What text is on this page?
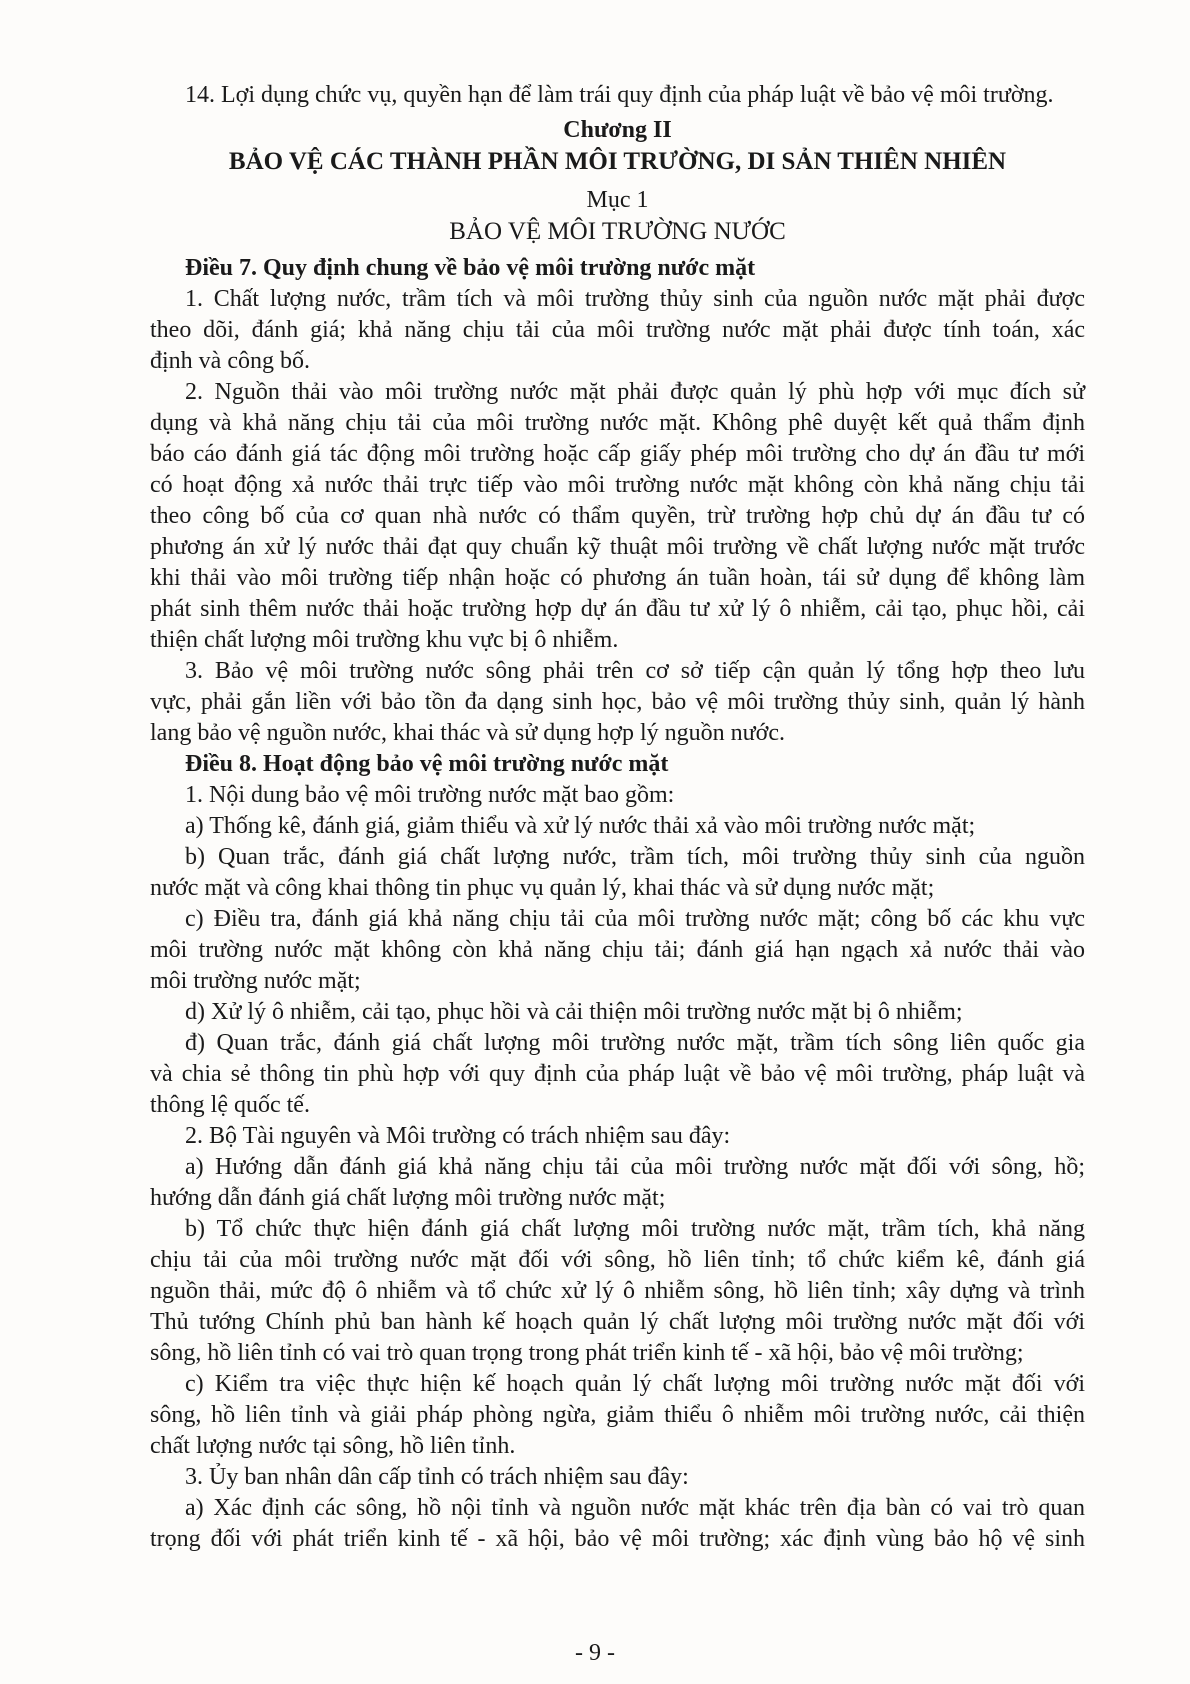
14. Lợi dụng chức vụ, quyền hạn để làm trái quy định của pháp luật về bảo vệ môi trường.

Chương II

BẢO VỆ CÁC THÀNH PHẦN MÔI TRƯỜNG, DI SẢN THIÊN NHIÊN

Mục 1

BẢO VỆ MÔI TRƯỜNG NƯỚC

Điều 7. Quy định chung về bảo vệ môi trường nước mặt

1. Chất lượng nước, trầm tích và môi trường thủy sinh của nguồn nước mặt phải được

theo dõi, đánh giá; khả năng chịu tải của môi trường nước mặt phải được tính toán, xác

định và công bố.

2. Nguồn thải vào môi trường nước mặt phải được quản lý phù hợp với mục đích sử

dụng và khả năng chịu tải của môi trường nước mặt. Không phê duyệt kết quả thẩm định

báo cáo đánh giá tác động môi trường hoặc cấp giấy phép môi trường cho dự án đầu tư mới

có hoạt động xả nước thải trực tiếp vào môi trường nước mặt không còn khả năng chịu tải

theo công bố của cơ quan nhà nước có thẩm quyền, trừ trường hợp chủ dự án đầu tư có

phương án xử lý nước thải đạt quy chuẩn kỹ thuật môi trường về chất lượng nước mặt trước

khi thải vào môi trường tiếp nhận hoặc có phương án tuần hoàn, tái sử dụng để không làm

phát sinh thêm nước thải hoặc trường hợp dự án đầu tư xử lý ô nhiễm, cải tạo, phục hồi, cải

thiện chất lượng môi trường khu vực bị ô nhiễm.

3. Bảo vệ môi trường nước sông phải trên cơ sở tiếp cận quản lý tổng hợp theo lưu

vực, phải gắn liền với bảo tồn đa dạng sinh học, bảo vệ môi trường thủy sinh, quản lý hành

lang bảo vệ nguồn nước, khai thác và sử dụng hợp lý nguồn nước.

Điều 8. Hoạt động bảo vệ môi trường nước mặt

1. Nội dung bảo vệ môi trường nước mặt bao gồm:

a) Thống kê, đánh giá, giảm thiểu và xử lý nước thải xả vào môi trường nước mặt;

b) Quan trắc, đánh giá chất lượng nước, trầm tích, môi trường thủy sinh của nguồn

nước mặt và công khai thông tin phục vụ quản lý, khai thác và sử dụng nước mặt;

c) Điều tra, đánh giá khả năng chịu tải của môi trường nước mặt; công bố các khu vực

môi trường nước mặt không còn khả năng chịu tải; đánh giá hạn ngạch xả nước thải vào

môi trường nước mặt;

d) Xử lý ô nhiễm, cải tạo, phục hồi và cải thiện môi trường nước mặt bị ô nhiễm;

đ) Quan trắc, đánh giá chất lượng môi trường nước mặt, trầm tích sông liên quốc gia

và chia sẻ thông tin phù hợp với quy định của pháp luật về bảo vệ môi trường, pháp luật và

thông lệ quốc tế.

2. Bộ Tài nguyên và Môi trường có trách nhiệm sau đây:

a) Hướng dẫn đánh giá khả năng chịu tải của môi trường nước mặt đối với sông, hồ;

hướng dẫn đánh giá chất lượng môi trường nước mặt;

b) Tổ chức thực hiện đánh giá chất lượng môi trường nước mặt, trầm tích, khả năng

chịu tải của môi trường nước mặt đối với sông, hồ liên tỉnh; tổ chức kiểm kê, đánh giá

nguồn thải, mức độ ô nhiễm và tổ chức xử lý ô nhiễm sông, hồ liên tỉnh; xây dựng và trình

Thủ tướng Chính phủ ban hành kế hoạch quản lý chất lượng môi trường nước mặt đối với

sông, hồ liên tỉnh có vai trò quan trọng trong phát triển kinh tế - xã hội, bảo vệ môi trường;

c) Kiểm tra việc thực hiện kế hoạch quản lý chất lượng môi trường nước mặt đối với

sông, hồ liên tỉnh và giải pháp phòng ngừa, giảm thiểu ô nhiễm môi trường nước, cải thiện

chất lượng nước tại sông, hồ liên tỉnh.

3. Ủy ban nhân dân cấp tỉnh có trách nhiệm sau đây:

a) Xác định các sông, hồ nội tỉnh và nguồn nước mặt khác trên địa bàn có vai trò quan

trọng đối với phát triển kinh tế - xã hội, bảo vệ môi trường; xác định vùng bảo hộ vệ sinh

- 9 -
